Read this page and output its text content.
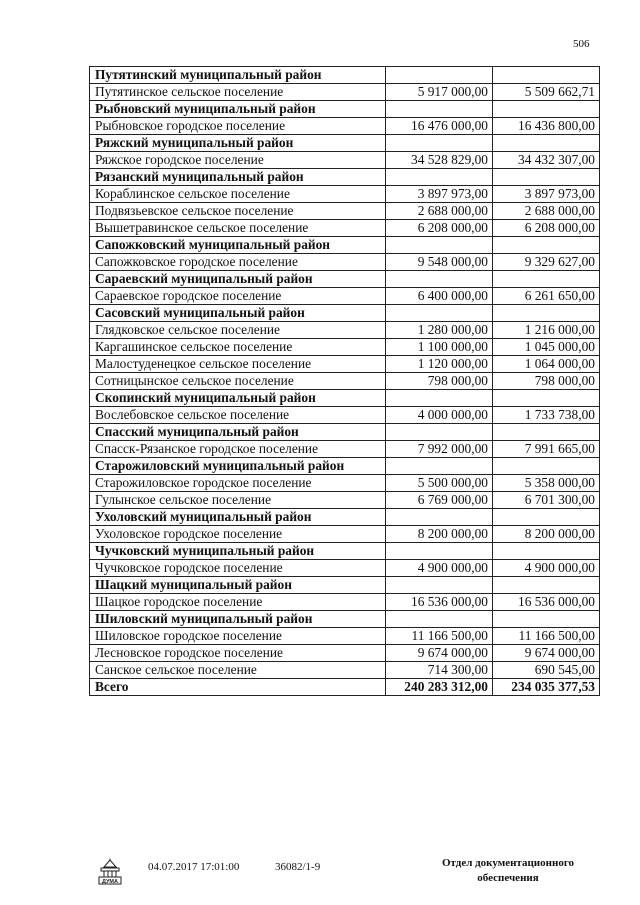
506
Путятинский муниципальный район		
Путятинское сельское поселение	5 917 000,00	5 509 662,71
Рыбновский муниципальный район		
Рыбновское городское поселение	16 476 000,00	16 436 800,00
Ряжский муниципальный район		
Ряжское городское поселение	34 528 829,00	34 432 307,00
Рязанский муниципальный район		
Кораблинское сельское поселение	3 897 973,00	3 897 973,00
Подвязьевское сельское поселение	2 688 000,00	2 688 000,00
Вышетравинское сельское поселение	6 208 000,00	6 208 000,00
Сапожковский муниципальный район		
Сапожковское городское поселение	9 548 000,00	9 329 627,00
Сараевский муниципальный район		
Сараевское городское поселение	6 400 000,00	6 261 650,00
Сасовский муниципальный район		
Глядковское сельское поселение	1 280 000,00	1 216 000,00
Каргашинское сельское поселение	1 100 000,00	1 045 000,00
Малостуденецкое сельское поселение	1 120 000,00	1 064 000,00
Сотницынское сельское поселение	798 000,00	798 000,00
Скопинский муниципальный район		
Вослебовское сельское поселение	4 000 000,00	1 733 738,00
Спасский муниципальный район		
Спасск-Рязанское городское поселение	7 992 000,00	7 991 665,00
Старожиловский муниципальный район		
Старожиловское городское поселение	5 500 000,00	5 358 000,00
Гулынское сельское поселение	6 769 000,00	6 701 300,00
Ухоловский муниципальный район		
Ухоловское городское поселение	8 200 000,00	8 200 000,00
Чучковский муниципальный район		
Чучковское городское поселение	4 900 000,00	4 900 000,00
Шацкий муниципальный район		
Шацкое городское поселение	16 536 000,00	16 536 000,00
Шиловский муниципальный район		
Шиловское городское поселение	11 166 500,00	11 166 500,00
Лесновское городское поселение	9 674 000,00	9 674 000,00
Санское сельское поселение	714 300,00	690 545,00
Всего	240 283 312,00	234 035 377,53
ДУМА
04.07.2017 17:01:00	36082/1-9	Отдел документационного
обеспечения
